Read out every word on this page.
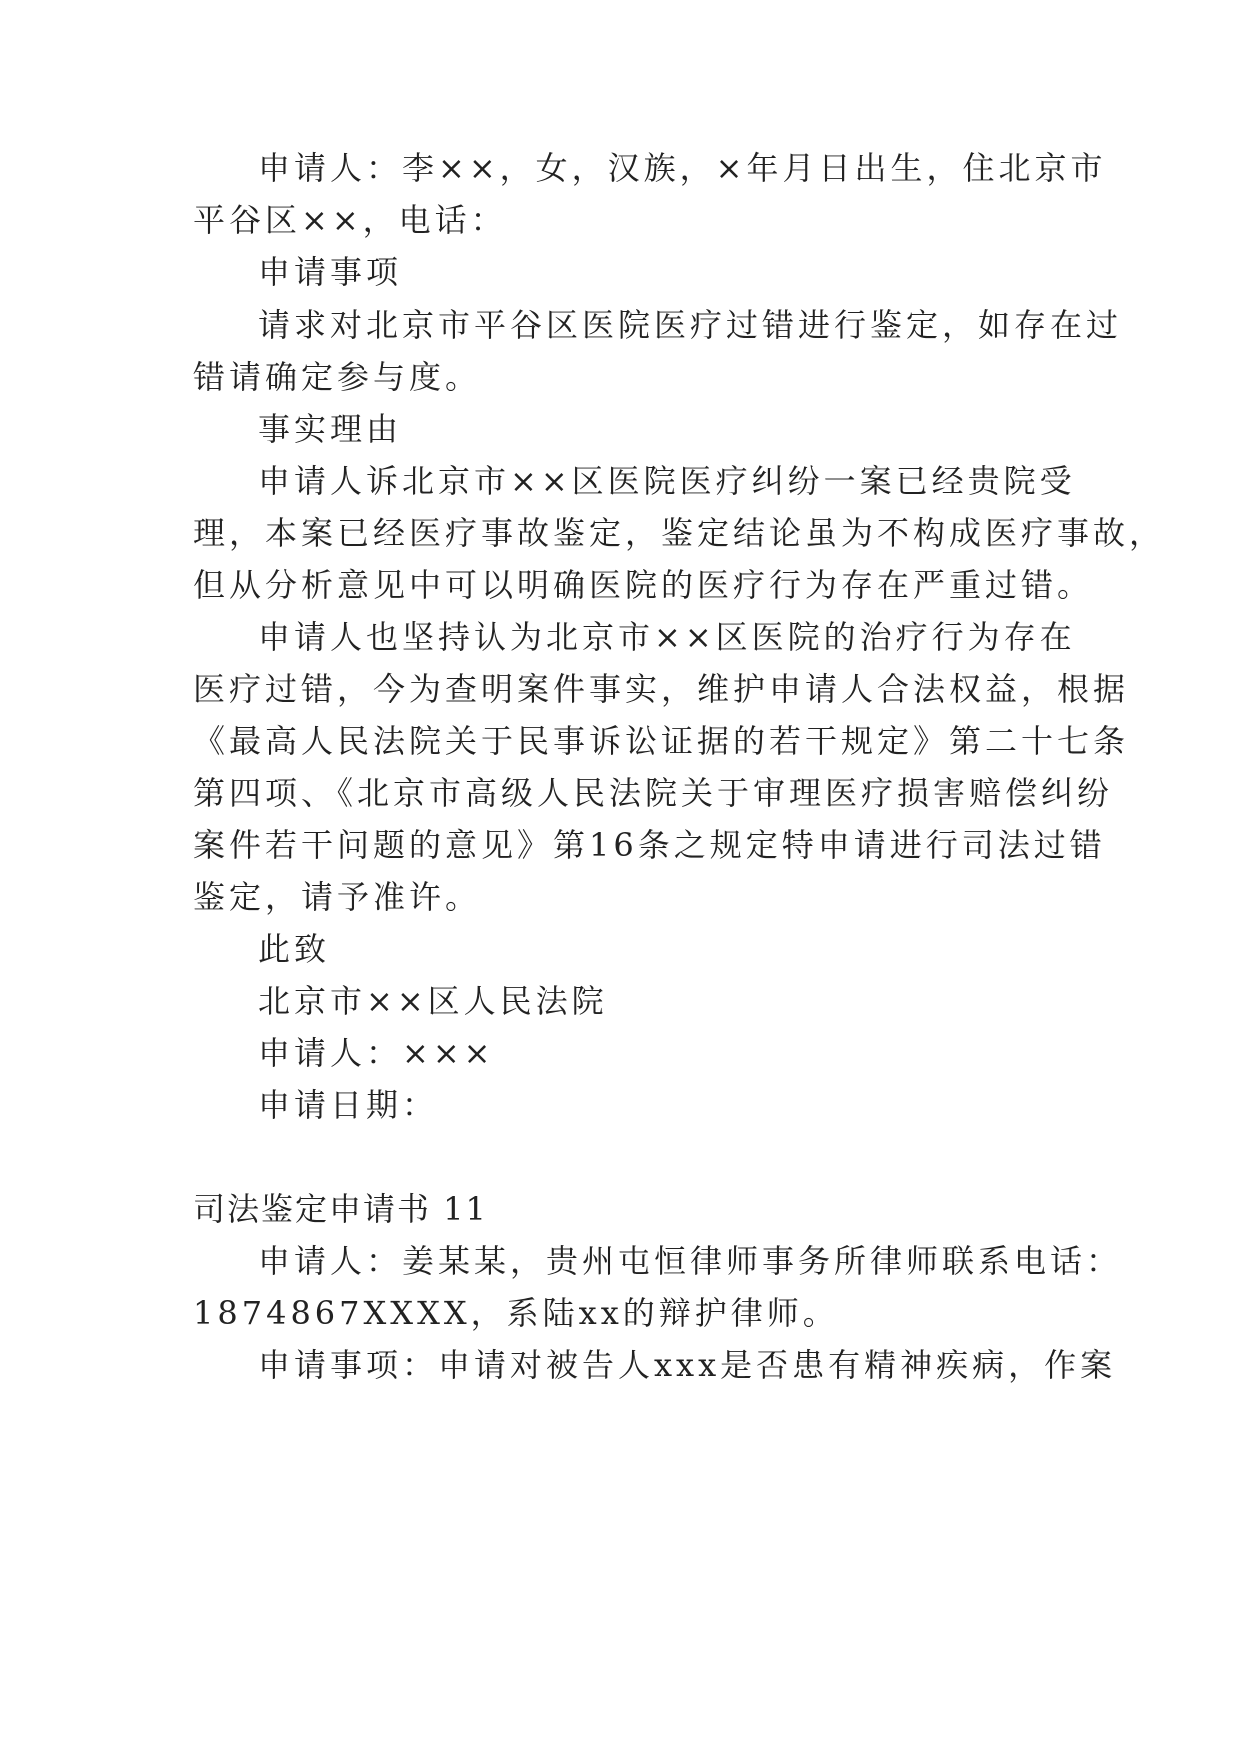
申请人：李××，女，汉族，×年月日出生，住北京市
平谷区××，电话：
申请事项
请求对北京市平谷区医院医疗过错进行鉴定，如存在过
错请确定参与度。
事实理由
申请人诉北京市××区医院医疗纠纷一案已经贵院受
理，本案已经医疗事故鉴定，鉴定结论虽为不构成医疗事故，
但从分析意见中可以明确医院的医疗行为存在严重过错。
申请人也坚持认为北京市××区医院的治疗行为存在
医疗过错，今为查明案件事实，维护申请人合法权益，根据
《最高人民法院关于民事诉讼证据的若干规定》第二十七条
第四项、《北京市高级人民法院关于审理医疗损害赔偿纠纷
案件若干问题的意见》第16条之规定特申请进行司法过错
鉴定，请予准许。
此致
北京市××区人民法院
申请人：×××
申请日期：
司法鉴定申请书 11
申请人：姜某某，贵州屯恒律师事务所律师联系电话：
1874867XXXX，系陆xx的辩护律师。
申请事项：申请对被告人xxx是否患有精神疾病，作案
